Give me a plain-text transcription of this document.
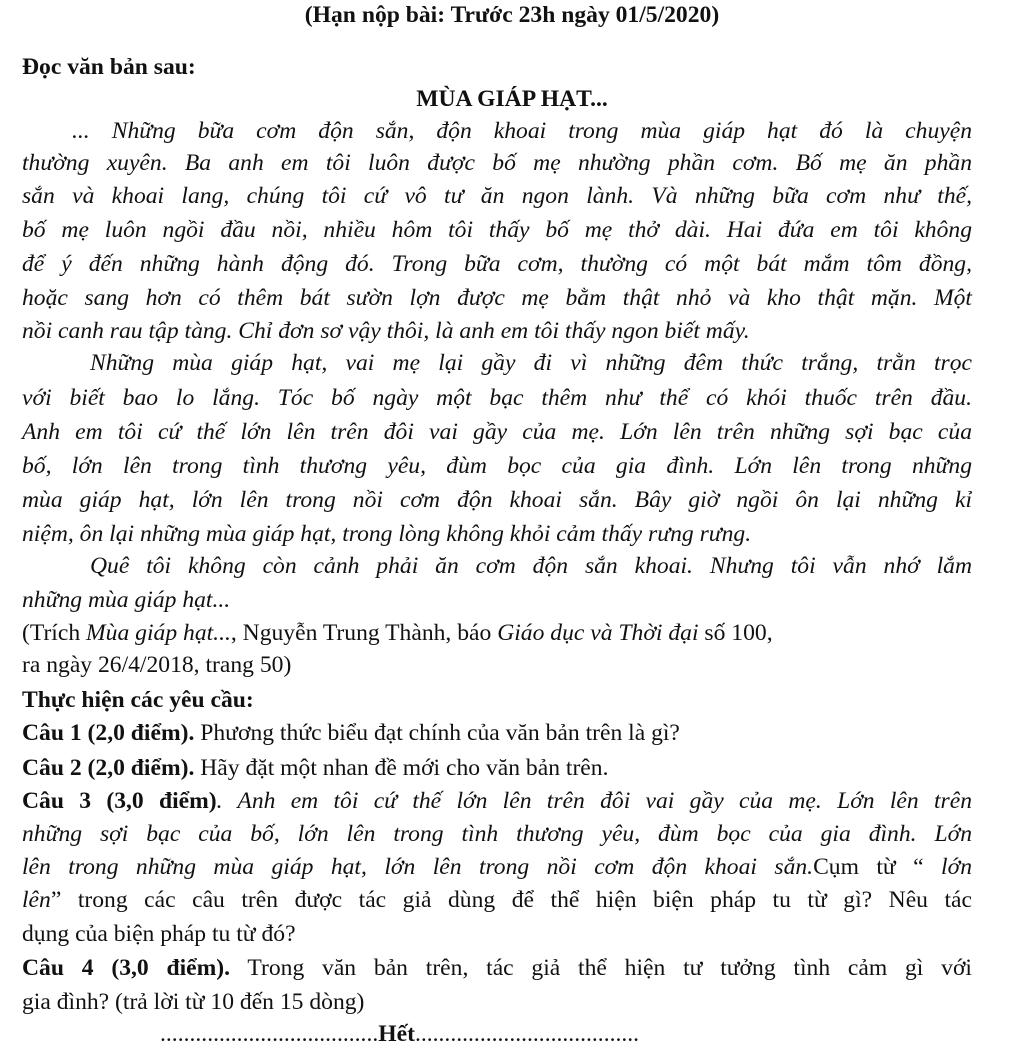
(Hạn nộp bài: Trước 23h ngày 01/5/2020)

Đọc văn bản sau:

MÙA GIÁP HẠT...

... Những bữa cơm độn sắn, độn khoai trong mùa giáp hạt đó là chuyện

thường xuyên. Ba anh em tôi luôn được bố mẹ nhường phần cơm. Bố mẹ ăn phần

sắn và khoai lang, chúng tôi cứ vô tư ăn ngon lành. Và những bữa cơm như thế,

bố mẹ luôn ngồi đầu nồi, nhiều hôm tôi thấy bố mẹ thở dài. Hai đứa em tôi không

để ý đến những hành động đó. Trong bữa cơm, thường có một bát mắm tôm đồng,

hoặc sang hơn có thêm bát sườn lợn được mẹ bằm thật nhỏ và kho thật mặn. Một

nồi canh rau tập tàng. Chỉ đơn sơ vậy thôi, là anh em tôi thấy ngon biết mấy.

Những mùa giáp hạt, vai mẹ lại gầy đi vì những đêm thức trắng, trằn trọc

với biết bao lo lắng. Tóc bố ngày một bạc thêm như thể có khói thuốc trên đầu.

Anh em tôi cứ thế lớn lên trên đôi vai gầy của mẹ. Lớn lên trên những sợi bạc của

bố, lớn lên trong tình thương yêu, đùm bọc của gia đình. Lớn lên trong những

mùa giáp hạt, lớn lên trong nồi cơm độn khoai sắn. Bây giờ ngồi ôn lại những kỉ

niệm, ôn lại những mùa giáp hạt, trong lòng không khỏi cảm thấy rưng rưng.

Quê tôi không còn cảnh phải ăn cơm độn sắn khoai. Nhưng tôi vẫn nhớ lắm

những mùa giáp hạt...

(Trích Mùa giáp hạt..., Nguyễn Trung Thành, báo Giáo dục và Thời đại số 100,

ra ngày 26/4/2018, trang 50)

Thực hiện các yêu cầu:

Câu 1 (2,0 điểm). Phương thức biểu đạt chính của văn bản trên là gì?

Câu 2 (2,0 điểm). Hãy đặt một nhan đề mới cho văn bản trên.

Câu 3 (3,0 điểm). Anh em tôi cứ thế lớn lên trên đôi vai gầy của mẹ. Lớn lên trên

những sợi bạc của bố, lớn lên trong tình thương yêu, đùm bọc của gia đình. Lớn

lên trong những mùa giáp hạt, lớn lên trong nồi cơm độn khoai sắn.Cụm từ “ lớn

lên” trong các câu trên được tác giả dùng để thể hiện biện pháp tu từ gì? Nêu tác

dụng của biện pháp tu từ đó?

Câu 4 (3,0 điểm). Trong văn bản trên, tác giả thể hiện tư tưởng tình cảm gì với

gia đình? (trả lời từ 10 đến 15 dòng)

.....................................Hết......................................
